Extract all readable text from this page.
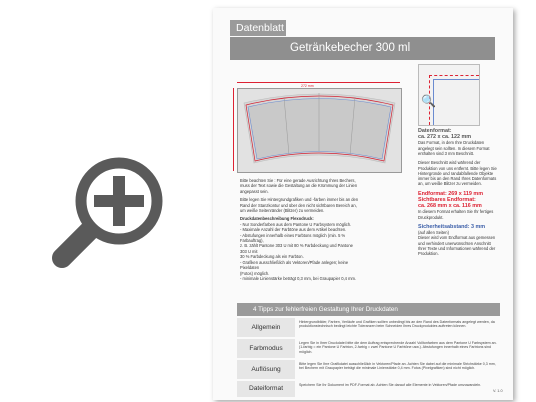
Datenblatt
Getränkebecher 300 ml
272 mm
Bitte beachten Sie : Für eine gerade Ausrichtung Ihres Bechers, muss der Text sowie die Gestaltung an die Krümmung der Linien angepasst sein.
Bitte legen Sie Hintergrundgrafiken und -farben immer bis an den Rand der Stanzkontur und über den nicht sichtbaren Bereich an, um weiße Seitenränder (Blitzer) zu vermeiden.
Druckdatenbeschreibung Flexodruck:
- Nur Sonderfarben aus dem Pantone U Farbsystem möglich.
- Maximale Anzahl der Farbtöne aus dem Artikel beachten.
- Abstufungen innerhalb eines Farbtons möglich (min. 5 % Farbauftrag),
z. B. zählt Pantone 303 U mit 80 % Farbdeckung und Pantone 303 U mit
30 % Farbdeckung als ein Farbton.
- Grafiken ausschließlich als Vektoren/Pfade anlegen; keine Pixeldaten
(Fotos) möglich.
- minimale Linienstärke beträgt 0,3 mm, bei Graupapier 0,4 mm.
🔍

Datenformat:
ca. 272 x ca. 122 mm
Das Format, in dem Ihre Druckdaten angelegt sein sollten. In diesem Format enthalten sind 3 mm Beschnitt.

Dieser Beschnitt wird während der Produktion von uns entfernt. Bitte legen Sie Hintergründe und randabfallende Objekte immer bis an den Rand Ihres Datenformats an, um weiße Blitzer zu vermeiden.

Endformat: 269 x 119 mm
Sichtbares Endformat:
ca. 268 mm x ca. 116 mm
In diesem Format erhalten Sie Ihr fertiges Druckprodukt.

Sicherheitsabstand: 3 mm
(auf allen Seiten)
Dieser wird vom Endformat aus gemessen und verhindert unerwünschten Anschnitt Ihrer Texte und Informationen während der Produktion.

4 Tipps zur fehlerfreien Gestaltung Ihrer Druckdaten
Allgemein
Hintergrundbilder, Farben, Verläufe und Grafiken sollten unbedingt bis an den Rand des Datenformats angelegt werden, da produktionstechnisch bedingt leichte Toleranzen beim Schneiden Ihres Druckproduktes auftreten können.
Farbmodus
Legen Sie in Ihrer Druckdatei bitte die dem Auftrag entsprechende Anzahl Volltonfarben aus dem Pantone U Farbsystem an. (1-farbig = ein Pantone U Farbton, 2-farbig = zwei Pantone U Farbtöne usw.). Abstufungen innerhalb eines Farbtons sind möglich.
Auflösung
Bitte legen Sie Ihre Grafikdatei ausschließlich in Vektoren/Pfade an. Achten Sie dabei auf die minimale Strichstärke 0,3 mm, bei Bechern mit Graupapier beträgt die minimale Linienstärke 0,4 mm. Fotos (Pixelgrafiken) sind nicht möglich.
Dateiformat	Speichern Sie Ihr Dokument im PDF-Format ab. Achten Sie darauf alle Elemente in Vektoren/Pfade umzuwandeln.
V. 1.0
